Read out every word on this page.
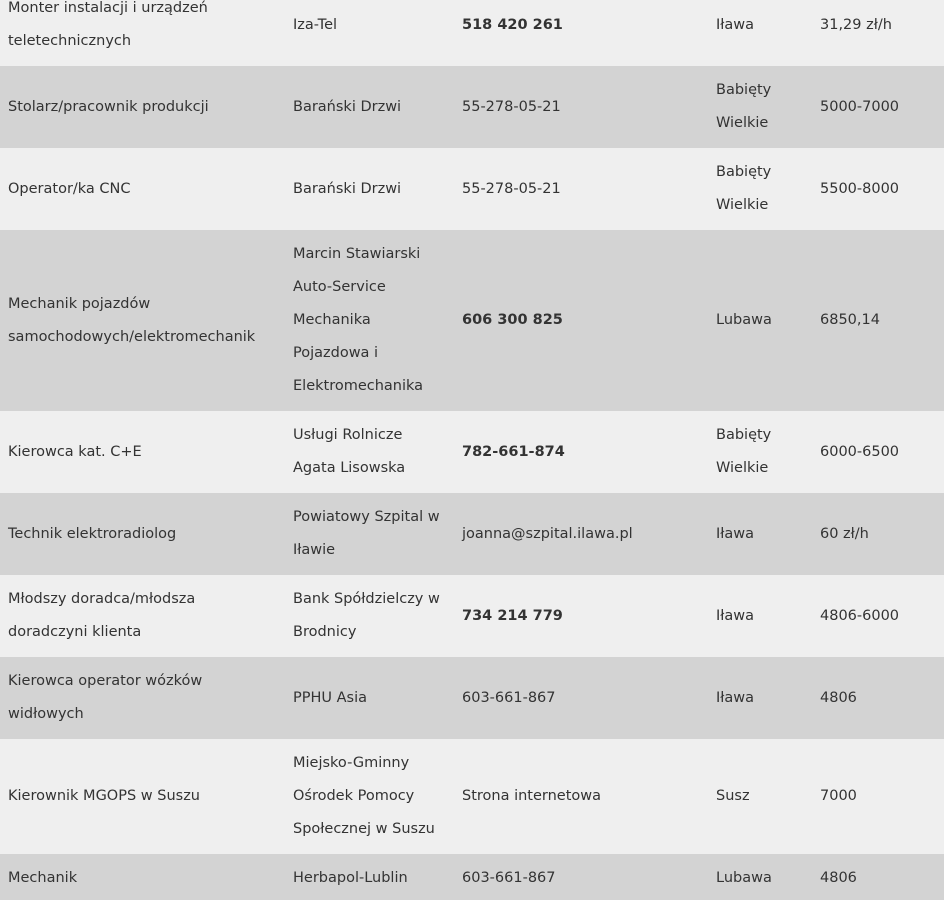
Monter instalacji i urządzeń teletechnicznych	Iza-Tel	518 420 261	Iława	31,29 zł/h
Stolarz/pracownik produkcji	Barański Drzwi	55-278-05-21	Babięty Wielkie	5000-7000
Operator/ka CNC	Barański Drzwi	55-278-05-21	Babięty Wielkie	5500-8000
Mechanik pojazdów samochodowych/elektromechanik	Marcin Stawiarski Auto-Service Mechanika Pojazdowa i Elektromechanika	606 300 825	Lubawa	6850,14
Kierowca kat. C+E	Usługi Rolnicze Agata Lisowska	782-661-874	Babięty Wielkie	6000-6500
Technik elektroradiolog	Powiatowy Szpital w Iławie	joanna@szpital.ilawa.pl	Iława	60 zł/h
Młodszy doradca/młodsza doradczyni klienta	Bank Spółdzielczy w Brodnicy	734 214 779	Iława	4806-6000
Kierowca operator wózków widłowych	PPHU Asia	603-661-867	Iława	4806
Kierownik MGOPS w Suszu	Miejsko-Gminny Ośrodek Pomocy Społecznej w Suszu	Strona internetowa	Susz	7000
Mechanik	Herbapol-Lublin	603-661-867	Lubawa	4806
